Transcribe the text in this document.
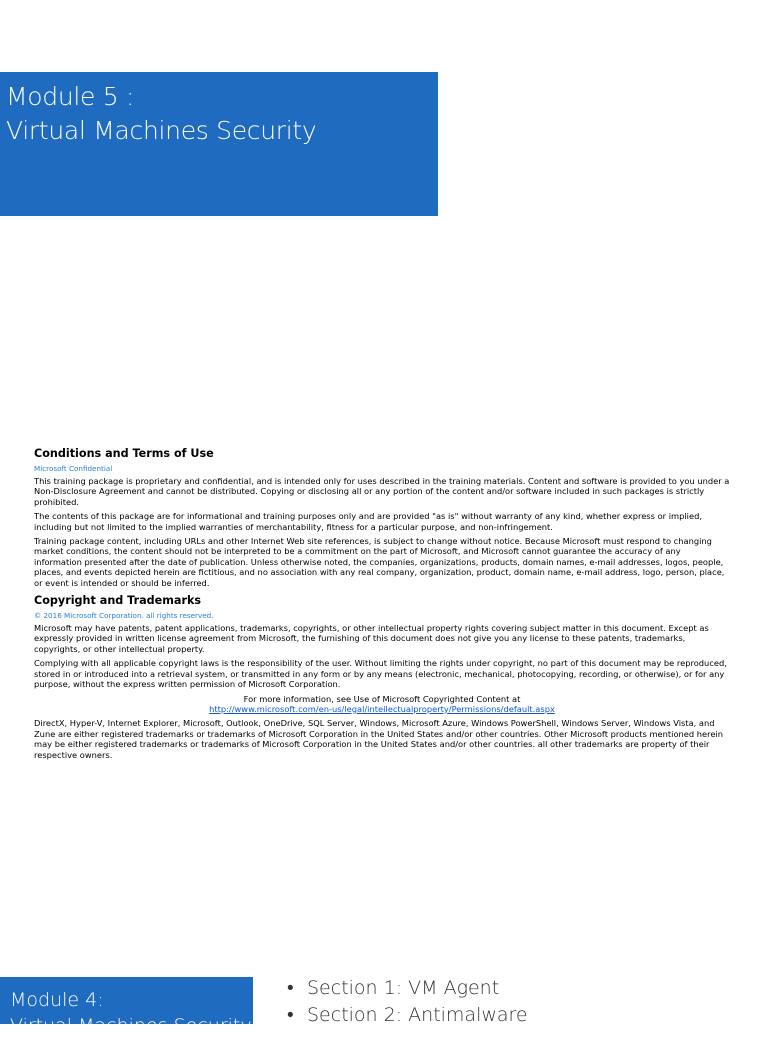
Module 5 :
Virtual Machines Security
Conditions and Terms of Use
Microsoft Confidential

This training package is proprietary and confidential, and is intended only for uses described in the training materials. Content and software is provided to you under a Non-Disclosure Agreement and cannot be distributed. Copying or disclosing all or any portion of the content and/or software included in such packages is strictly prohibited.

The contents of this package are for informational and training purposes only and are provided "as is" without warranty of any kind, whether express or implied, including but not limited to the implied warranties of merchantability, fitness for a particular purpose, and non-infringement.

Training package content, including URLs and other Internet Web site references, is subject to change without notice. Because Microsoft must respond to changing market conditions, the content should not be interpreted to be a commitment on the part of Microsoft, and Microsoft cannot guarantee the accuracy of any information presented after the date of publication. Unless otherwise noted, the companies, organizations, products, domain names, e-mail addresses, logos, people, places, and events depicted herein are fictitious, and no association with any real company, organization, product, domain name, e-mail address, logo, person, place, or event is intended or should be inferred.

Copyright and Trademarks
© 2016 Microsoft Corporation. all rights reserved.

Microsoft may have patents, patent applications, trademarks, copyrights, or other intellectual property rights covering subject matter in this document. Except as expressly provided in written license agreement from Microsoft, the furnishing of this document does not give you any license to these patents, trademarks, copyrights, or other intellectual property.

Complying with all applicable copyright laws is the responsibility of the user. Without limiting the rights under copyright, no part of this document may be reproduced, stored in or introduced into a retrieval system, or transmitted in any form or by any means (electronic, mechanical, photocopying, recording, or otherwise), or for any purpose, without the express written permission of Microsoft Corporation.

For more information, see Use of Microsoft Copyrighted Content at
http://www.microsoft.com/en-us/legal/intellectualproperty/Permissions/default.aspx

DirectX, Hyper-V, Internet Explorer, Microsoft, Outlook, OneDrive, SQL Server, Windows, Microsoft Azure, Windows PowerShell, Windows Server, Windows Vista, and Zune are either registered trademarks or trademarks of Microsoft Corporation in the United States and/or other countries. Other Microsoft products mentioned herein may be either registered trademarks or trademarks of Microsoft Corporation in the United States and/or other countries. all other trademarks are property of their respective owners.

Module 4:
Virtual Machines Security
• Section 1: VM Agent
• Section 2: Antimalware
